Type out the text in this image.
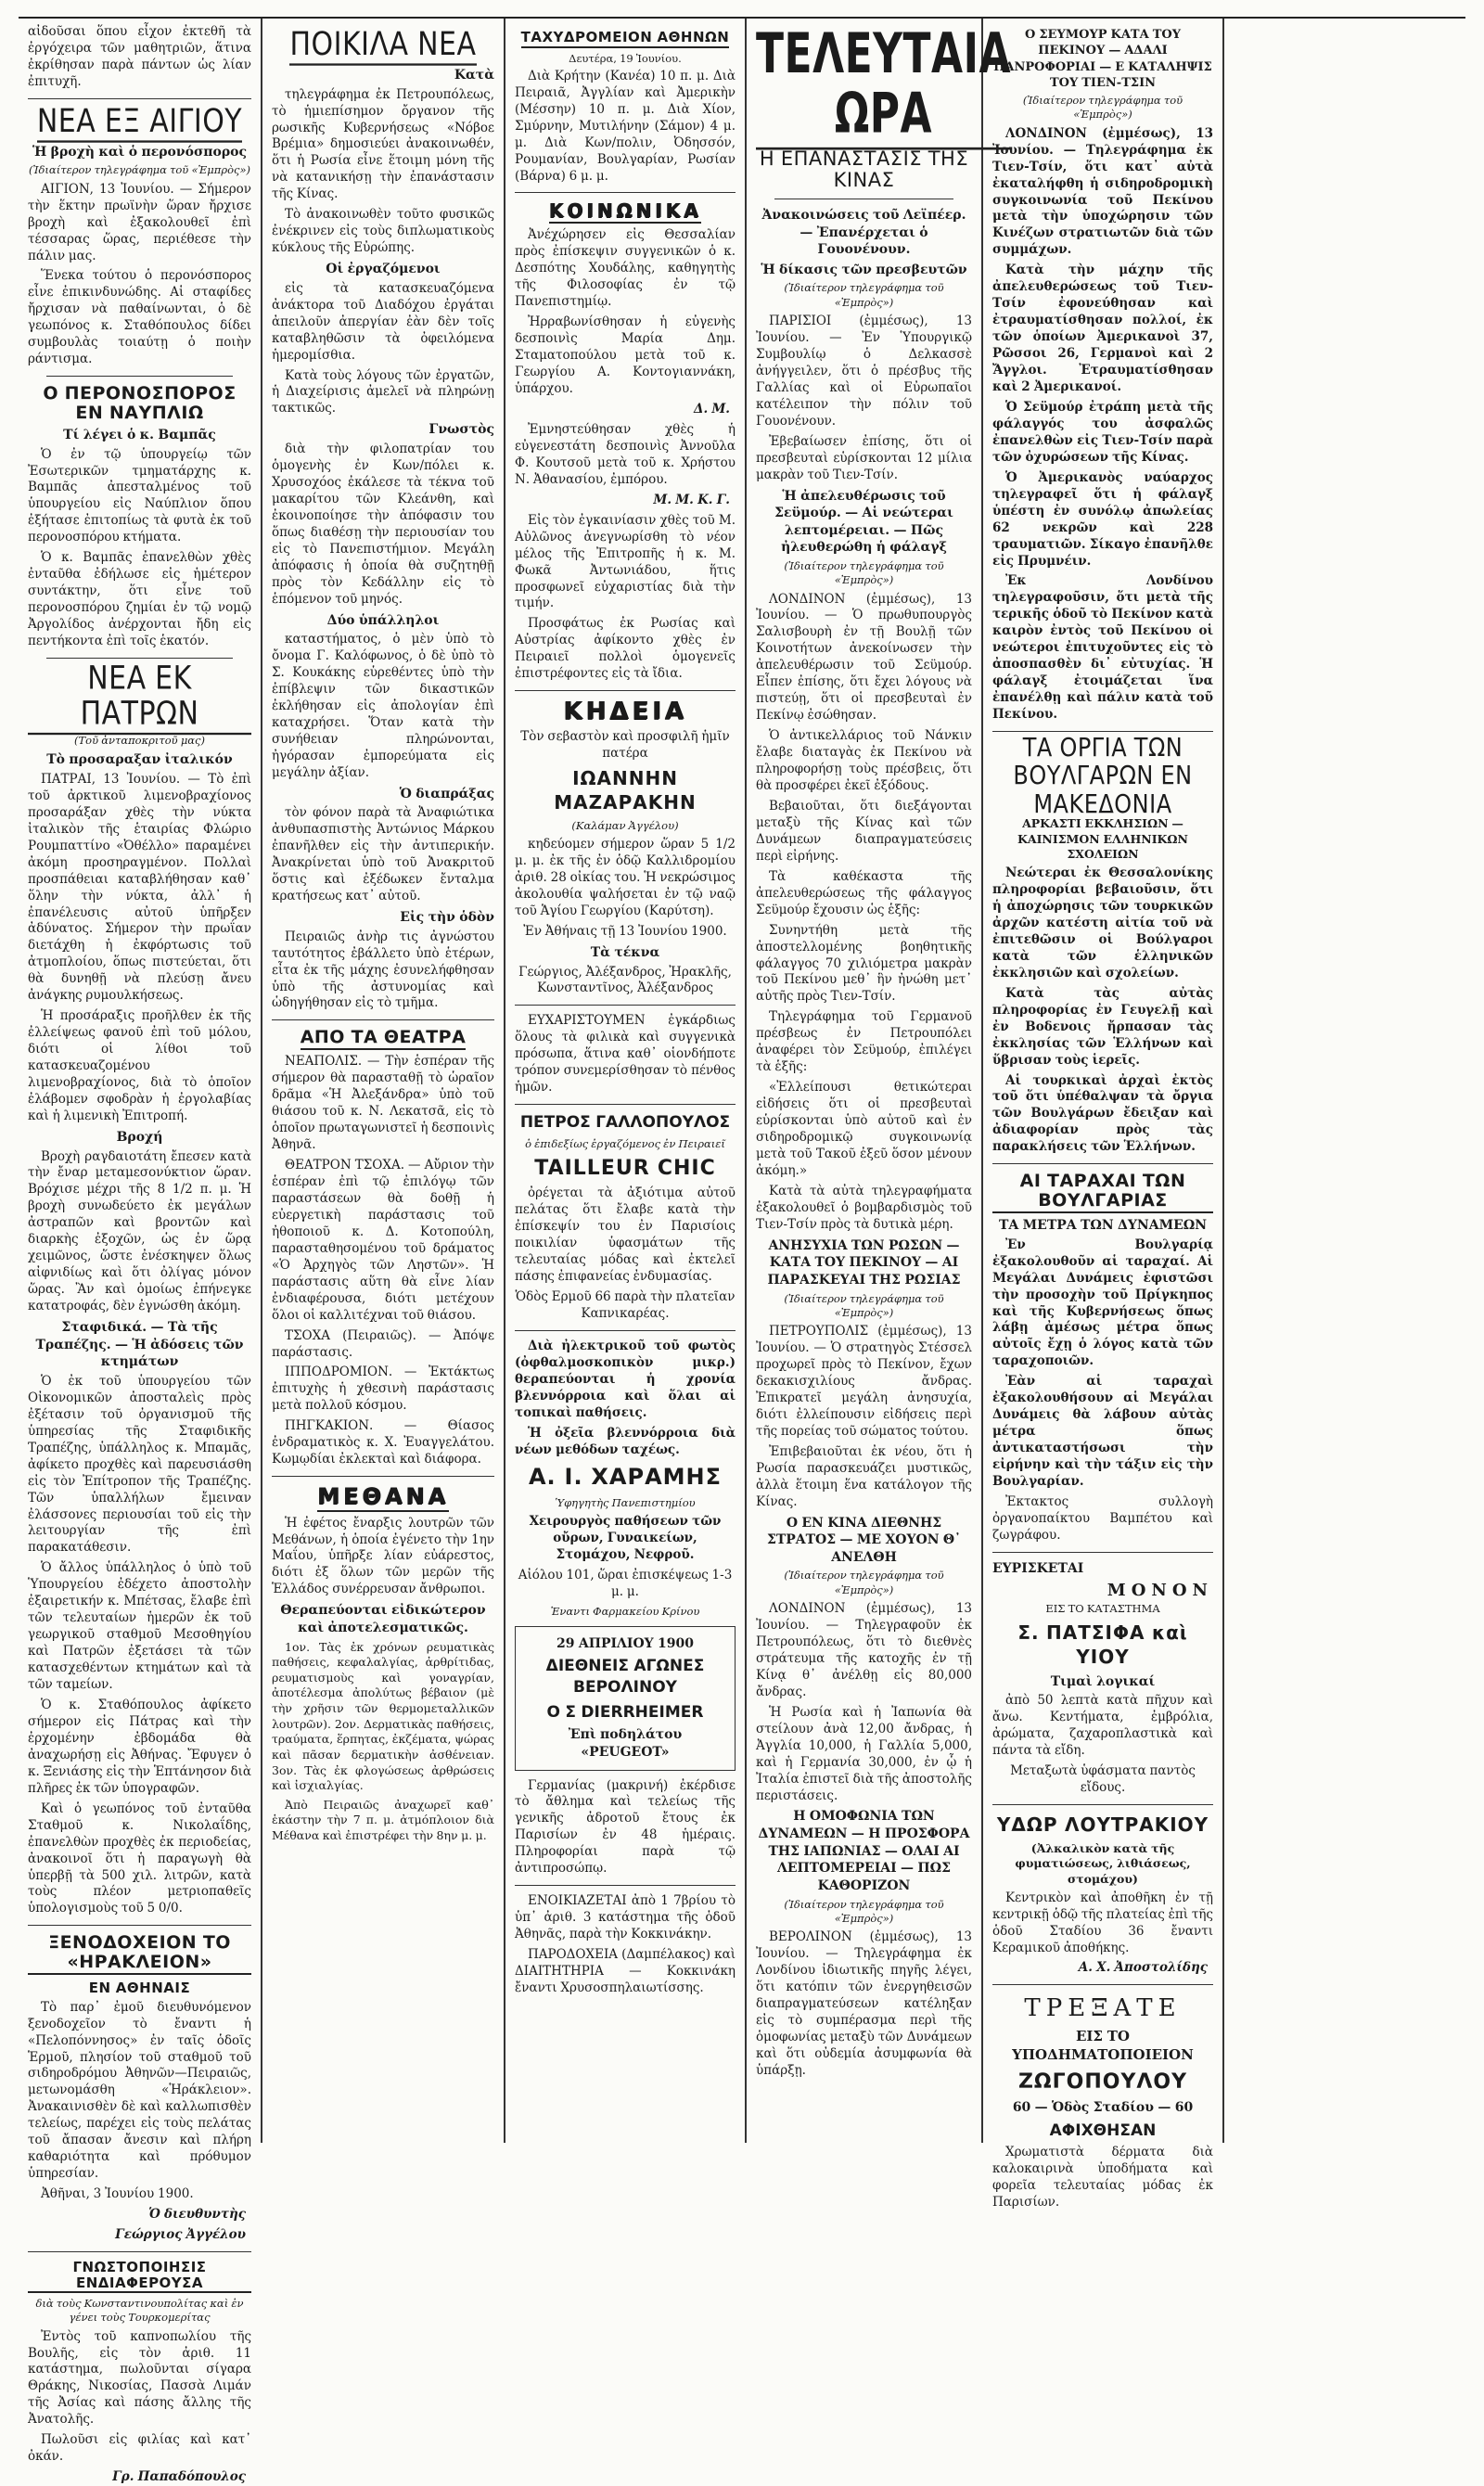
αἰδοῦσαι ὅπου εἶχον ἐκτεθῆ τὰ ἐργόχειρα τῶν μαθητριῶν, ἅτινα ἐκρίθησαν παρὰ πάντων ὡς λίαν ἐπιτυχῆ.
ΝΕΑ ΕΞ ΑΙΓΙΟΥ
Ἡ βροχὴ καὶ ὁ περονόσπορος
(Ἰδιαίτερον τηλεγράφημα τοῦ «Ἐμπρὸς»)
ΑΙΓΙΟΝ, 13 Ἰουνίου. — Σήμερον τὴν ἕκτην πρωϊνὴν ὥραν ἤρχισε βροχὴ καὶ ἐξακολουθεῖ ἐπὶ τέσσαρας ὥρας, περιέθεσε τὴν πάλιν μας.
Ἕνεκα τούτου ὁ περονόσπορος εἶνε ἐπικινδυνώδης. Αἱ σταφίδες ἤρχισαν νὰ παθαίνωνται, ὁ δὲ γεωπόνος κ. Σταθόπουλος δίδει συμβουλὰς τοιαύτῃ ὁ ποιὴν ράντισμα.
Ο ΠΕΡΟΝΟΣΠΟΡΟΣ ΕΝ ΝΑΥΠΛΙΩ
Τί λέγει ὁ κ. Βαμπᾶς
Ὁ ἐν τῷ ὑπουργείῳ τῶν Ἐσωτερικῶν τμηματάρχης κ. Βαμπᾶς ἀπεσταλμένος τοῦ ὑπουργείου εἰς Ναύπλιον ὅπου ἐξήτασε ἐπιτοπίως τὰ φυτὰ ἐκ τοῦ περονοσπόρου κτήματα.
Ὁ κ. Βαμπᾶς ἐπανελθὼν χθὲς ἐνταῦθα ἐδήλωσε εἰς ἡμέτερον συντάκτην, ὅτι εἶνε τοῦ περονοσπόρου ζημίαι ἐν τῷ νομῷ Ἀργολίδος ἀνέρχονται ἤδη εἰς πεντήκοντα ἐπὶ τοῖς ἑκατόν.
ΝΕΑ ΕΚ ΠΑΤΡΩΝ
(Τοῦ ἀνταποκριτοῦ μας)
Τὸ προσαραξαν ἰταλικόν
ΠΑΤΡΑΙ, 13 Ἰουνίου. — Τὸ ἐπὶ τοῦ ἀρκτικοῦ λιμενοβραχίονος προσαράξαν χθὲς τὴν νύκτα ἰταλικὸν τῆς ἑταιρίας Φλώριο Ρουμπαττίνο «Ὀθέλλο» παραμένει ἀκόμη προσηραγμένον. Πολλαὶ προσπάθειαι καταβλήθησαν καθ᾽ ὅλην τὴν νύκτα, ἀλλ᾽ ἡ ἐπανέλευσις αὐτοῦ ὑπῆρξεν ἀδύνατος. Σήμερον τὴν πρωΐαν διετάχθη ἡ ἐκφόρτωσις τοῦ ἀτμοπλοίου, ὅπως πιστεύεται, ὅτι θὰ δυνηθῇ νὰ πλεύσῃ ἄνευ ἀνάγκης ρυμουλκήσεως.
Ἡ προσάραξις προῆλθεν ἐκ τῆς ἐλλείψεως φανοῦ ἐπὶ τοῦ μόλου, διότι οἱ λίθοι τοῦ κατασκευαζομένου λιμενοβραχίονος, διὰ τὸ ὁποῖον ἐλάβομεν σφοδρὰν ἡ ἐργολαβίας καὶ ἡ λιμενικὴ Ἐπιτροπή.
Βροχή
Βροχὴ ραγδαιοτάτη ἔπεσεν κατὰ τὴν ἔναρ μεταμεσονύκτιον ὥραν. Βρόχισε μέχρι τῆς 8 1/2 π. μ. Ἡ βροχὴ συνωδεύετο ἐκ μεγάλων ἀστραπῶν καὶ βροντῶν καὶ διαρκὴς ἐξοχῶν, ὡς ἐν ὥρᾳ χειμῶνος, ὥστε ἐνέσκηψεν ὅλως αἰφνιδίως καὶ ὅτι ὀλίγας μόνον ὥρας. Ἂν καὶ ὁμοίως ἐπήνεγκε κατατροφάς, δὲν ἐγνώσθη ἀκόμη.
Σταφιδικά. — Τὰ τῆς Τραπέζης. — Ἡ ἀδόσεις τῶν κτημάτων
Ὁ ἐκ τοῦ ὑπουργείου τῶν Οἰκονομικῶν ἀποσταλεὶς πρὸς ἐξέτασιν τοῦ ὀργανισμοῦ τῆς ὑπηρεσίας τῆς Σταφιδικῆς Τραπέζης, ὑπάλληλος κ. Μπαμᾶς, ἀφίκετο προχθὲς καὶ παρευσιάσθη εἰς τὸν Ἐπίτροπον τῆς Τραπέζης. Τῶν ὑπαλλήλων ἔμειναν ἐλάσσονες περιουσίαι τοῦ εἰς τὴν λειτουργίαν τῆς ἐπὶ παρακατάθεσιν.
Ὁ ἄλλος ὑπάλληλος ὁ ὑπὸ τοῦ Ὑπουργείου ἐδέχετο ἀποστολὴν ἐξαιρετικήν κ. Μπέτσας, ἔλαβε ἐπὶ τῶν τελευταίων ἡμερῶν ἐκ τοῦ γεωργικοῦ σταθμοῦ Μεσοθηγίου καὶ Πατρῶν ἐξετάσει τὰ τῶν κατασχεθέντων κτημάτων καὶ τὰ τῶν ταμείων.
Ὁ κ. Σταθόπουλος ἀφίκετο σήμερον εἰς Πάτρας καὶ τὴν ἐρχομένην ἐβδομάδα θὰ ἀναχωρήσῃ εἰς Ἀθήνας. Ἔφυγεν ὁ κ. Ξενιάσης εἰς τὴν Ἑπτάνησον διὰ πλῆρες ἐκ τῶν ὑπογραφῶν.
Καὶ ὁ γεωπόνος τοῦ ἐνταῦθα Σταθμοῦ κ. Νικολαΐδης, ἐπανελθὼν προχθὲς ἐκ περιοδείας, ἀνακοινοῖ ὅτι ἡ παραγωγὴ θὰ ὑπερβῇ τὰ 500 χιλ. λιτρῶν, κατὰ τοὺς πλέον μετριοπαθεῖς ὑπολογισμοὺς τοῦ 5 0/0.
ΞΕΝΟΔΟΧΕΙΟΝ ΤΟ «ΗΡΑΚΛΕΙΟΝ»
ΕΝ ΑΘΗΝΑΙΣ
Τὸ παρ᾽ ἐμοῦ διευθυνόμενον ξενοδοχεῖον τὸ ἔναντι ἡ «Πελοπόννησος» ἐν ταῖς ὁδοῖς Ἑρμοῦ, πλησίον τοῦ σταθμοῦ τοῦ σιδηροδρόμου Ἀθηνῶν—Πειραιῶς, μετωνομάσθη «Ἡράκλειον». Ἀνακαινισθὲν δὲ καὶ καλλωπισθὲν τελείως, παρέχει εἰς τοὺς πελάτας τοῦ ἄπασαν ἄνεσιν καὶ πλήρη καθαριότητα καὶ πρόθυμον ὑπηρεσίαν.
Ἀθῆναι, 3 Ἰουνίου 1900.
Ὁ διευθυντὴς
Γεώργιος Ἀγγέλου
ΓΝΩΣΤΟΠΟΙΗΣΙΣ ΕΝΔΙΑΦΕΡΟΥΣΑ
διὰ τοὺς Κωνσταντινουπολίτας καὶ ἐν γένει τοὺς Τουρκομερίτας
Ἐντὸς τοῦ καπνοπωλίου τῆς Βουλῆς, εἰς τὸν ἀριθ. 11 κατάστημα, πωλοῦνται σίγαρα Θράκης, Νικοσίας, Πασσὰ Λιμάν τῆς Ἀσίας καὶ πάσης ἄλλης τῆς Ἀνατολῆς.
Πωλοῦσι εἰς φιλίας καὶ κατ᾽ ὀκάν.
Γρ. Παπαδόπουλος
ΠΟΙΚΙΛΑ ΝΕΑ
Κατὰ
τηλεγράφημα ἐκ Πετρουπόλεως, τὸ ἡμιεπίσημον ὄργανον τῆς ρωσικῆς Κυβερνήσεως «Νόβοε Βρέμια» δημοσιεύει ἀνακοινωθέν, ὅτι ἡ Ρωσία εἶνε ἕτοιμη μόνη τῆς νὰ κατανικήσῃ τὴν ἐπανάστασιν τῆς Κίνας.
Τὸ ἀνακοινωθὲν τοῦτο φυσικῶς ἐνέκρινεν εἰς τοὺς διπλωματικοὺς κύκλους τῆς Εὐρώπης.
Οἱ ἐργαζόμενοι
εἰς τὰ κατασκευαζόμενα ἀνάκτορα τοῦ Διαδόχου ἐργάται ἀπειλοῦν ἀπεργίαν ἐὰν δὲν τοῖς καταβληθῶσιν τὰ ὀφειλόμενα ἡμερομίσθια.
Κατὰ τοὺς λόγους τῶν ἐργατῶν, ἡ Διαχείρισις ἀμελεῖ νὰ πληρώνῃ τακτικῶς.
Γνωστὸς
διὰ τὴν φιλοπατρίαν του ὁμογενὴς ἐν Κων/πόλει κ. Χρυσοχόος ἐκάλεσε τὰ τέκνα τοῦ μακαρίτου τῶν Κλεάνθη, καὶ ἐκοινοποίησε τὴν ἀπόφασιν του ὅπως διαθέσῃ τὴν περιουσίαν του εἰς τὸ Πανεπιστήμιον. Μεγάλη ἀπόφασις ἡ ὁποία θὰ συζητηθῇ πρὸς τὸν Κεδάλλην εἰς τὸ ἑπόμενον τοῦ μηνός.
Δύο ὑπάλληλοι
καταστήματος, ὁ μὲν ὑπὸ τὸ ὄνομα Γ. Καλόφωνος, ὁ δὲ ὑπὸ τὸ Σ. Κουκάκης εὑρεθέντες ὑπὸ τὴν ἐπίβλεψιν τῶν δικαστικῶν ἐκλήθησαν εἰς ἀπολογίαν ἐπὶ καταχρήσει. Ὅταν κατὰ τὴν συνήθειαν πληρώνονται, ἠγόρασαν ἐμπορεύματα εἰς μεγάλην ἀξίαν.
Ὁ διαπράξας
τὸν φόνον παρὰ τὰ Ἀναφιώτικα ἀνθυπασπιστὴς Ἀντώνιος Μάρκου ἐπανῆλθεν εἰς τὴν ἀντιπερικήν. Ἀνακρίνεται ὑπὸ τοῦ Ἀνακριτοῦ ὅστις καὶ ἐξέδωκεν ἔνταλμα κρατήσεως κατ᾽ αὐτοῦ.
Εἰς τὴν ὁδὸν
Πειραιῶς ἀνὴρ τις ἀγνώστου ταυτότητος ἐβάλλετο ὑπὸ ἑτέρων, εἶτα ἐκ τῆς μάχης ἐσυνελήφθησαν ὑπὸ τῆς ἀστυνομίας καὶ ὡδηγήθησαν εἰς τὸ τμῆμα.
ΑΠΟ ΤΑ ΘΕΑΤΡΑ
ΝΕΑΠΟΛΙΣ. — Τὴν ἑσπέραν τῆς σήμερον θὰ παρασταθῇ τὸ ὡραῖον δρᾶμα «Ἡ Ἀλεξάνδρα» ὑπὸ τοῦ θιάσου τοῦ κ. Ν. Λεκατσᾶ, εἰς τὸ ὁποῖον πρωταγωνιστεῖ ἡ δεσποινὶς Ἀθηνᾶ.
ΘΕΑΤΡΟΝ ΤΣΟΧΑ. — Αὔριον τὴν ἑσπέραν ἐπὶ τῷ ἐπιλόγῳ τῶν παραστάσεων θὰ δοθῇ ἡ εὐεργετικὴ παράστασις τοῦ ἠθοποιοῦ κ. Δ. Κοτοπούλη, παρασταθησομένου τοῦ δράματος «Ὁ Ἀρχηγὸς τῶν Ληστῶν». Ἡ παράστασις αὕτη θὰ εἶνε λίαν ἐνδιαφέρουσα, διότι μετέχουν ὅλοι οἱ καλλιτέχναι τοῦ θιάσου.
ΤΣΟΧΑ (Πειραιῶς). — Ἀπόψε παράστασις.
ΙΠΠΟΔΡΟΜΙΟΝ. — Ἐκτάκτως ἐπιτυχὴς ἡ χθεσινὴ παράστασις μετὰ πολλοῦ κόσμου.
ΠΗΓΚΑΚΙΟΝ. — Θίασος ἐνδραματικὸς κ. Χ. Ἐυαγγελάτου. Κωμῳδίαι ἐκλεκταὶ καὶ διάφορα.
ΜΕΘΑΝΑ
Ἡ ἐφέτος ἔναρξις λουτρῶν τῶν Μεθάνων, ἡ ὁποία ἐγένετο τὴν 1ην Μαΐου, ὑπῆρξε λίαν εὐάρεστος, διότι ἐξ ὅλων τῶν μερῶν τῆς Ἑλλάδος συνέρρευσαν ἄνθρωποι.
Θεραπεύονται εἰδικώτερον καὶ ἀποτελεσματικῶς.
1ον. Τὰς ἐκ χρόνων ρευματικὰς παθήσεις, κεφαλαλγίας, ἀρθρίτιδας, ρευματισμοὺς καὶ γοναγρίαν, ἀποτέλεσμα ἀπολύτως βέβαιον (μὲ τὴν χρῆσιν τῶν θερμομεταλλικῶν λουτρῶν). 2ον. Δερματικὰς παθήσεις, τραύματα, ἕρπητας, ἐκζέματα, ψώρας καὶ πᾶσαν δερματικὴν ἀσθένειαν. 3ον. Τὰς ἐκ φλογώσεως ἀρθρώσεις καὶ ἰσχιαλγίας.
Ἀπὸ Πειραιῶς ἀναχωρεῖ καθ᾽ ἑκάστην τὴν 7 π. μ. ἀτμόπλοιον διὰ Μέθανα καὶ ἐπιστρέφει τὴν 8ην μ. μ.
ΤΑΧΥΔΡΟΜΕΙΟΝ ΑΘΗΝΩΝ
Δευτέρα, 19 Ἰουνίου.
Διὰ Κρήτην (Κανέα) 10 π. μ. Διὰ Πειραιᾶ, Ἀγγλίαν καὶ Ἀμερικὴν (Μέσσην) 10 π. μ. Διὰ Χίον, Σμύρνην, Μυτιλήνην (Σάμον) 4 μ. μ. Διὰ Κων/πολιν, Ὀδησσόν, Ρουμανίαν, Βουλγαρίαν, Ρωσίαν (Βάρνα) 6 μ. μ.
ΚΟΙΝΩΝΙΚΑ
Ἀνέχώρησεν εἰς Θεσσαλίαν πρὸς ἐπίσκεψιν συγγενικῶν ὁ κ. Δεσπότης Χουδάλης, καθηγητὴς τῆς Φιλοσοφίας ἐν τῷ Πανεπιστημίῳ.
Ἠρραβωνίσθησαν ἡ εὐγενὴς δεσποινὶς Μαρία Δημ. Σταματοπούλου μετὰ τοῦ κ. Γεωργίου Α. Κοντογιαννάκη, ὑπάρχου.
Δ. Μ.
Ἐμνηστεύθησαν χθὲς ἡ εὐγενεστάτη δεσποινὶς Ἀννοῦλα Φ. Κουτσοῦ μετὰ τοῦ κ. Χρήστου Ν. Ἀθανασίου, ἐμπόρου.
Μ. Μ. Κ. Γ.
Εἰς τὸν ἐγκαινίασιν χθὲς τοῦ Μ. Αὐλῶνος ἀνεγνωρίσθη τὸ νέον μέλος τῆς Ἐπιτροπῆς ἡ κ. Μ. Φωκᾶ Ἀντωνιάδου, ἥτις προσφωνεῖ εὐχαριστίας διὰ τὴν τιμήν.
Προσφάτως ἐκ Ρωσίας καὶ Αὐστρίας ἀφίκοντο χθὲς ἐν Πειραιεῖ πολλοὶ ὁμογενεῖς ἐπιστρέφοντες εἰς τὰ ἴδια.
ΚΗΔΕΙΑ
Τὸν σεβαστὸν καὶ προσφιλῆ ἡμῖν πατέρα
ΙΩΑΝΝΗΝ ΜΑΖΑΡΑΚΗΝ
(Καλάμαν Ἀγγέλου)
κηδεύομεν σήμερον ὥραν 5 1/2 μ. μ. ἐκ τῆς ἐν ὁδῷ Καλλιδρομίου ἀριθ. 28 οἰκίας του. Ἡ νεκρώσιμος ἀκολουθία ψαλήσεται ἐν τῷ ναῷ τοῦ Ἁγίου Γεωργίου (Καρύτση).
Ἐν Ἀθήναις τῇ 13 Ἰουνίου 1900.
Τὰ τέκνα
Γεώργιος, Ἀλέξανδρος, Ἠρακλῆς, Κωνσταντῖνος, Ἀλέξανδρος
ΕΥΧΑΡΙΣΤΟΥΜΕΝ ἐγκάρδιως ὅλους τὰ φιλικὰ καὶ συγγενικὰ πρόσωπα, ἅτινα καθ᾽ οἱονδήποτε τρόπον συνεμερίσθησαν τὸ πένθος ἡμῶν.
ΠΕΤΡΟΣ ΓΑΛΛΟΠΟΥΛΟΣ
ὁ ἐπιδεξίως ἐργαζόμενος ἐν Πειραιεῖ
TAILLEUR CHIC
ὀρέγεται τὰ ἀξιότιμα αὐτοῦ πελάτας ὅτι ἔλαβε κατὰ τὴν ἐπίσκεψίν του ἐν Παρισίοις ποικιλίαν ὑφασμάτων τῆς τελευταίας μόδας καὶ ἐκτελεῖ πάσης ἐπιφανείας ἐνδυμασίας.
Ὁδὸς Ερμοῦ 66 παρὰ τὴν πλατεῖαν Καπνικαρέας.
Διὰ ἠλεκτρικοῦ τοῦ φωτὸς (ὀφθαλμοσκοπικὸν μικρ.) θεραπεύονται ἡ χρονία βλεννόρροια καὶ ὅλαι αἱ τοπικαὶ παθήσεις.
Ἡ ὀξεῖα βλεννόρροια διὰ νέων μεθόδων ταχέως.
Α. Ι. ΧΑΡΑΜΗΣ
Ὑφηγητὴς Πανεπιστημίου
Χειρουργὸς παθήσεων τῶν οὔρων, Γυναικείων, Στομάχου, Νεφροῦ.
Αἰόλου 101, ὥραι ἐπισκέψεως 1-3 μ. μ.
Ἐναντι Φαρμακείου Κρίνου
29 ΑΠΡΙΛΙΟΥ 1900
ΔΙΕΘΝΕΙΣ ΑΓΩΝΕΣ ΒΕΡΟΛΙΝΟΥ
Ο Σ DIERRHEIMER
Ἐπὶ ποδηλάτου «PEUGEOT»
Γερμανίας (μακρινή) ἐκέρδισε τὸ ἄθλημα καὶ τελείως τῆς γενικῆς ἀδροτοῦ ἔτους ἐκ Παρισίων ἐν 48 ἡμέραις. Πληροφορίαι παρὰ τῷ ἀντιπροσώπῳ.
ΕΝΟΙΚΙΑΖΕΤΑΙ ἀπὸ 1 7βρίου τὸ ὑπ᾽ ἀριθ. 3 κατάστημα τῆς ὁδοῦ Ἀθηνᾶς, παρὰ τὴν Κοκκινάκην.
ΠΑΡΟΔΟΧΕΙΑ (Δαμπέλακος) καὶ ΔΙΑΙΤΗΤΗΡΙΑ — Κοκκινάκη ἔναντι Χρυσοσπηλαιωτίσσης.
ΤΕΛΕΥΤΑΙΑ ΩΡΑ
Η ΕΠΑΝΑΣΤΑΣΙΣ ΤΗΣ ΚΙΝΑΣ
Ἀνακοινώσεις τοῦ Λεϊπέερ. — Ἐπανέρχεται ὁ Γουονένουν.
Ἡ δίκασις τῶν πρεσβευτῶν
(Ἰδιαίτερον τηλεγράφημα τοῦ «Ἐμπρὸς»)
ΠΑΡΙΣΙΟΙ (ἐμμέσως), 13 Ἰουνίου. — Ἐν Ὑπουργικῷ Συμβουλίῳ ὁ Δελκασσὲ ἀνήγγειλεν, ὅτι ὁ πρέσβυς τῆς Γαλλίας καὶ οἱ Εὐρωπαῖοι κατέλειπον τὴν πόλιν τοῦ Γουονένουν.
Ἐβεβαίωσεν ἐπίσης, ὅτι οἱ πρεσβευταὶ εὑρίσκονται 12 μίλια μακρὰν τοῦ Τιεν-Τσίν.
Ἡ ἀπελευθέρωσις τοῦ Σεϋμούρ. — Αἱ νεώτεραι λεπτομέρειαι. — Πῶς ἠλευθερώθη ἡ φάλαγξ
(Ἰδιαίτερον τηλεγράφημα τοῦ «Ἐμπρὸς»)
ΛΟΝΔΙΝΟΝ (ἐμμέσως), 13 Ἰουνίου. — Ὁ πρωθυπουργὸς Σαλισβουρὴ ἐν τῇ Βουλῇ τῶν Κοινοτήτων ἀνεκοίνωσεν τὴν ἀπελευθέρωσιν τοῦ Σεϋμούρ. Εἶπεν ἐπίσης, ὅτι ἔχει λόγους νὰ πιστεύῃ, ὅτι οἱ πρεσβευταὶ ἐν Πεκίνῳ ἐσώθησαν.
Ὁ ἀντικελλάριος τοῦ Νάνκιν ἔλαβε διαταγὰς ἐκ Πεκίνου νὰ πληροφορήσῃ τοὺς πρέσβεις, ὅτι θὰ προσφέρει ἐκεῖ ἐξόδους.
Βεβαιοῦται, ὅτι διεξάγονται μεταξὺ τῆς Κίνας καὶ τῶν Δυνάμεων διαπραγματεύσεις περὶ εἰρήνης.
Τὰ καθέκαστα τῆς ἀπελευθερώσεως τῆς φάλαγγος Σεϋμούρ ἔχουσιν ὡς ἑξῆς:
Συνηντήθη μετὰ τῆς ἀποστελλομένης βοηθητικῆς φάλαγγος 70 χιλιόμετρα μακρὰν τοῦ Πεκίνου μεθ᾽ ἣν ἠνώθη μετ᾽ αὐτῆς πρὸς Τιεν-Τσίν.
Τηλεγράφημα τοῦ Γερμανοῦ πρέσβεως ἐν Πετρουπόλει ἀναφέρει τὸν Σεϋμούρ, ἐπιλέγει τὰ ἑξῆς:
«Ἐλλείπουσι θετικώτεραι εἰδήσεις ὅτι οἱ πρεσβευταὶ εὑρίσκονται ὑπὸ αὐτοῦ καὶ ἐν σιδηροδρομικῷ συγκοινωνίᾳ μετὰ τοῦ Τακοῦ ἐξεῦ ὅσον μένουν ἀκόμη.»
Κατὰ τὰ αὐτὰ τηλεγραφήματα ἐξακολουθεῖ ὁ βομβαρδισμὸς τοῦ Τιεν-Τσίν πρὸς τὰ δυτικὰ μέρη.
ΑΝΗΣΥΧΙΑ ΤΩΝ ΡΩΣΩΝ — ΚΑΤΑ ΤΟΥ ΠΕΚΙΝΟΥ — ΑΙ ΠΑΡΑΣΚΕΥΑΙ ΤΗΣ ΡΩΣΙΑΣ
(Ἰδιαίτερον τηλεγράφημα τοῦ «Ἐμπρὸς»)
ΠΕΤΡΟΥΠΟΛΙΣ (ἐμμέσως), 13 Ἰουνίου. — Ὁ στρατηγὸς Στέσσελ προχωρεῖ πρὸς τὸ Πεκίνον, ἔχων δεκακισχιλίους ἄνδρας. Ἐπικρατεῖ μεγάλη ἀνησυχία, διότι ἐλλείπουσιν εἰδήσεις περὶ τῆς πορείας τοῦ σώματος τούτου.
Ἐπιβεβαιοῦται ἐκ νέου, ὅτι ἡ Ρωσία παρασκευάζει μυστικῶς, ἀλλὰ ἕτοιμη ἕνα κατάλογον τῆς Κίνας.
Ο ΕΝ ΚΙΝΑ ΔΙΕΘΝΗΣ ΣΤΡΑΤΟΣ — ΜΕ ΧΟΥΟΝ Θ᾽ ΑΝΕΛΘΗ
(Ἰδιαίτερον τηλεγράφημα τοῦ «Ἐμπρὸς»)
ΛΟΝΔΙΝΟΝ (ἐμμέσως), 13 Ἰουνίου. — Τηλεγραφοῦν ἐκ Πετρουπόλεως, ὅτι τὸ διεθνὲς στράτευμα τῆς κατοχῆς ἐν τῇ Κίνᾳ θ᾽ ἀνέλθῃ εἰς 80,000 ἄνδρας.
Ἡ Ρωσία καὶ ἡ Ἰαπωνία θὰ στείλουν ἀνὰ 12,00 ἄνδρας, ἡ Ἀγγλία 10,000, ἡ Γαλλία 5,000, καὶ ἡ Γερμανία 30,000, ἐν ᾧ ἡ Ἰταλία ἐπιστεῖ διὰ τῆς ἀποστολῆς περιστάσεις.
Η ΟΜΟΦΩΝΙΑ ΤΩΝ ΔΥΝΑΜΕΩΝ — Η ΠΡΟΣΦΟΡΑ ΤΗΣ ΙΑΠΩΝΙΑΣ — ΟΛΑΙ ΑΙ ΛΕΠΤΟΜΕΡΕΙΑΙ — ΠΩΣ ΚΑΘΟΡΙΖΟΝ
(Ἰδιαίτερον τηλεγράφημα τοῦ «Ἐμπρὸς»)
ΒΕΡΟΛΙΝΟΝ (ἐμμέσως), 13 Ἰουνίου. — Τηλεγράφημα ἐκ Λονδίνου ἰδιωτικῆς πηγῆς λέγει, ὅτι κατόπιν τῶν ἐνεργηθεισῶν διαπραγματεύσεων κατέληξαν εἰς τὸ συμπέρασμα περὶ τῆς ὁμοφωνίας μεταξὺ τῶν Δυνάμεων καὶ ὅτι οὐδεμία ἀσυμφωνία θὰ ὑπάρξῃ.
Ο ΣΕΥΜΟΥΡ ΚΑΤΑ ΤΟΥ ΠΕΚΙΝΟΥ — ΑΔΑΛΙ ΠΑΝΡΟΦΟΡΙΑΙ — Ε ΚΑΤΑΛΗΨΙΣ ΤΟΥ ΤΙΕΝ-ΤΣΙΝ
(Ἰδιαίτερον τηλεγράφημα τοῦ «Ἐμπρὸς»)
ΛΟΝΔΙΝΟΝ (ἐμμέσως), 13 Ἰουνίου. — Τηλεγράφημα ἐκ Τιεν-Τσίν, ὅτι κατ᾽ αὐτὰ ἐκαταλήφθη ἡ σιδηροδρομικὴ συγκοινωνία τοῦ Πεκίνου μετὰ τὴν ὑποχώρησιν τῶν Κινέζων στρατιωτῶν διὰ τῶν συμμάχων.
Κατὰ τὴν μάχην τῆς ἀπελευθερώσεως τοῦ Τιεν-Τσίν ἐφονεύθησαν καὶ ἐτραυματίσθησαν πολλοί, ἐκ τῶν ὁποίων Ἀμερικανοὶ 37, Ρῶσσοι 26, Γερμανοὶ καὶ 2 Ἄγγλοι. Ἐτραυματίσθησαν καὶ 2 Ἀμερικανοί.
Ὁ Σεϋμούρ ἐτράπη μετὰ τῆς φάλαγγός του ἀσφαλῶς ἐπανελθὼν εἰς Τιεν-Τσίν παρὰ τῶν ὀχυρώσεων τῆς Κίνας.
Ὁ Ἀμερικανὸς ναύαρχος τηλεγραφεῖ ὅτι ἡ φάλαγξ ὑπέστη ἐν συνόλῳ ἀπωλείας 62 νεκρῶν καὶ 228 τραυματιῶν. Σίκαγο ἐπανῆλθε εἰς Πρυμνέιν.
Ἐκ Λονδίνου τηλεγραφοῦσιν, ὅτι μετὰ τῆς τερικῆς ὁδοῦ τὸ Πεκίνον κατὰ καιρὸν ἐντὸς τοῦ Πεκίνου οἱ νεώτεροι ἐπιτυχοῦντες εἰς τὸ ἀποσπασθὲν δι᾽ εὐτυχίας. Ἡ φάλαγξ ἐτοιμάζεται ἵνα ἐπανέλθῃ καὶ πάλιν κατὰ τοῦ Πεκίνου.
ΤΑ ΟΡΓΙΑ ΤΩΝ ΒΟΥΛΓΑΡΩΝ ΕΝ ΜΑΚΕΔΟΝΙΑ
ΑΡΚΑΣΤΙ ΕΚΚΛΗΣΙΩΝ — ΚΑΙΝΙΣΜΟΝ ΕΛΛΗΝΙΚΩΝ ΣΧΟΛΕΙΩΝ
Νεώτεραι ἐκ Θεσσαλονίκης πληροφορίαι βεβαιοῦσιν, ὅτι ἡ ἀποχώρησις τῶν τουρκικῶν ἀρχῶν κατέστη αἰτία τοῦ νὰ ἐπιτεθῶσιν οἱ Βούλγαροι κατὰ τῶν ἑλληνικῶν ἐκκλησιῶν καὶ σχολείων.
Κατὰ τὰς αὐτὰς πληροφορίας ἐν Γευγελῇ καὶ ἐν Βοδενοις ἤρπασαν τὰς ἐκκλησίας τῶν Ἑλλήνων καὶ ὕβρισαν τοὺς ἱερεῖς.
Αἱ τουρκικαὶ ἀρχαὶ ἐκτὸς τοῦ ὅτι ὑπέθαλψαν τὰ ὄργια τῶν Βουλγάρων ἔδειξαν καὶ ἀδιαφορίαν πρὸς τὰς παρακλήσεις τῶν Ἑλλήνων.
ΑΙ ΤΑΡΑΧΑΙ ΤΩΝ ΒΟΥΛΓΑΡΙΑΣ
ΤΑ ΜΕΤΡΑ ΤΩΝ ΔΥΝΑΜΕΩΝ
Ἐν Βουλγαρίᾳ ἐξακολουθοῦν αἱ ταραχαί. Αἱ Μεγάλαι Δυνάμεις ἐφιστῶσι τὴν προσοχὴν τοῦ Πρίγκηπος καὶ τῆς Κυβερνήσεως ὅπως λάβῃ ἀμέσως μέτρα ὅπως αὐτοῖς ἔχῃ ὁ λόγος κατὰ τῶν ταραχοποιῶν.
Ἐὰν αἱ ταραχαὶ ἐξακολουθήσουν αἱ Μεγάλαι Δυνάμεις θὰ λάβουν αὐτὰς μέτρα ὅπως ἀντικαταστήσωσι τὴν εἰρήνην καὶ τὴν τάξιν εἰς τὴν Βουλγαρίαν.
Ἐκτακτος συλλογὴ ὀργανοπαίκτου Βαμπέτου καὶ ζωγράφου.
ΕΥΡΙΣΚΕΤΑΙ
ΜΟΝΟΝ
ΕΙΣ ΤΟ ΚΑΤΑΣΤΗΜΑ
Σ. ΠΑΤΣΙΦΑ καὶ ΥΙΟΥ
Τιμαὶ λογικαί
ἀπὸ 50 λεπτὰ κατὰ πῆχυν καὶ ἄνω. Κεντήματα, ἐμβρόλια, ἀρώματα, ζαχαροπλαστικὰ καὶ πάντα τὰ εἴδη.
Μεταξωτὰ ὑφάσματα παντὸς εἴδους.
ΥΔΩΡ ΛΟΥΤΡΑΚΙΟΥ
(Ἀλκαλικὸν κατὰ τῆς φυματιώσεως, λιθιάσεως, στομάχου)
Κεντρικὸν καὶ ἀποθῆκη ἐν τῇ κεντρικῇ ὁδῷ τῆς πλατείας ἐπὶ τῆς ὁδοῦ Σταδίου 36 ἔναντι Κεραμικοῦ ἀποθήκης.
Α. Χ. Ἀποστολίδης
ΤΡΕΞΑΤΕ
ΕΙΣ ΤΟ ΥΠΟΔΗΜΑΤΟΠΟΙΕΙΟΝ
ΖΩΓΟΠΟΥΛΟΥ
60 — Ὁδὸς Σταδίου — 60
ΑΦΙΧΘΗΣΑΝ
Χρωματιστὰ δέρματα διὰ καλοκαιρινὰ ὑποδήματα καὶ φορεῖα τελευταίας μόδας ἐκ Παρισίων.
